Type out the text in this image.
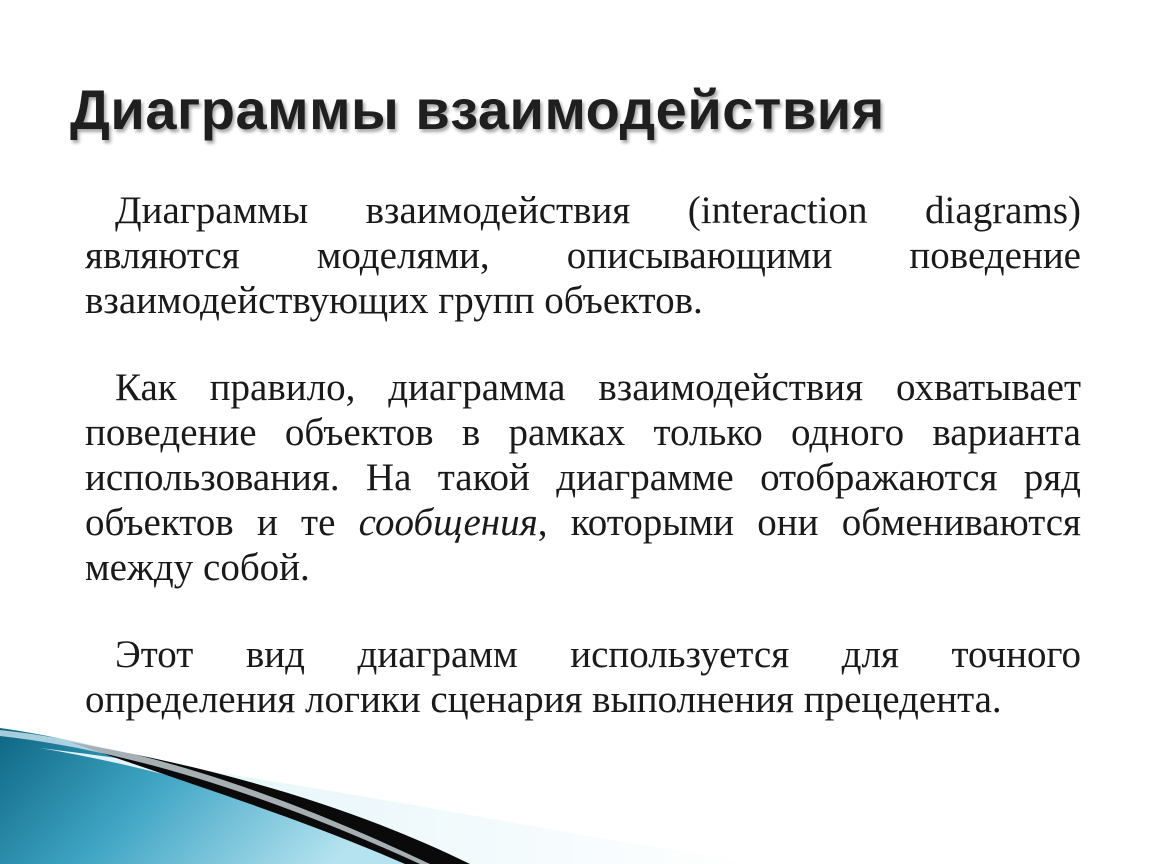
Диаграммы взаимодействия

Диаграммы взаимодействия (interaction diagrams) являются моделями, описывающими поведение взаимодействующих групп объектов.

Как правило, диаграмма взаимодействия охватывает поведение объектов в рамках только одного варианта использования. На такой диаграмме отображаются ряд объектов и те сообщения, которыми они обмениваются между собой.

Этот вид диаграмм используется для точного определения логики сценария выполнения прецедента.
